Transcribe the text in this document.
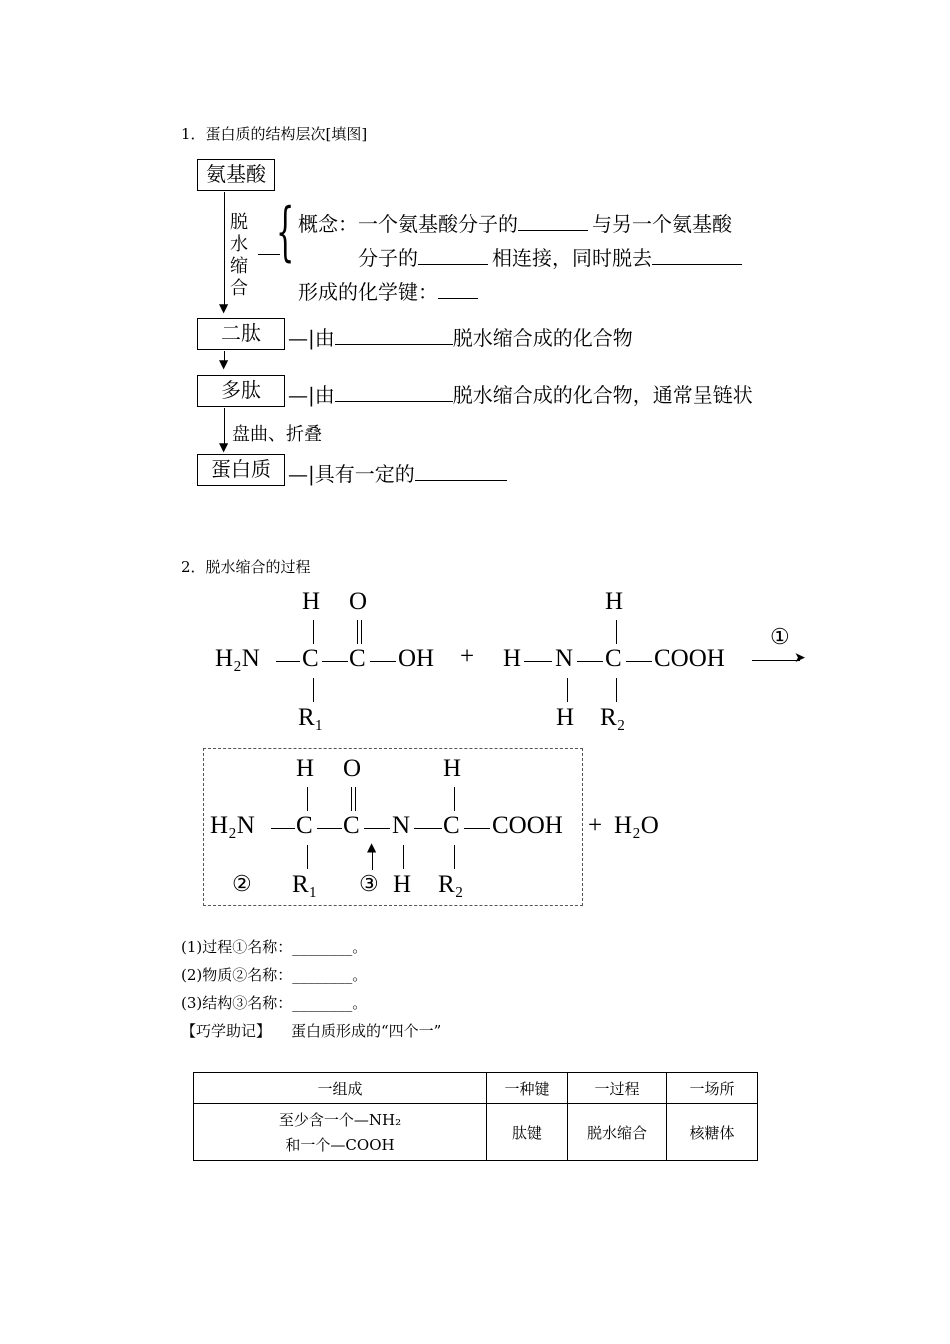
1．蛋白质的结构层次[填图]
氨基酸
▼
脱
水
缩
合
{ 概念：一个氨基酸分子的	与另一个氨基酸
分子的	相连接，同时脱去
形成的化学键：
二肽	—|由	脱水缩合成的化合物
▼
多肽	—|由	脱水缩合成的化合物，通常呈链状
▼
盘曲、折叠
蛋白质 —|具有一定的
2．脱水缩合的过程
H O
H₂N C C OH
R₁
+
H
H N C COOH
H R₂
①
➤
H O	H
H₂N C C N C COOH
▲
② R₁ ③ H R₂
+ H₂O
(1)过程①名称：________。
(2)物质②名称：________。
(3)结构③名称：________。
【巧学助记】 蛋白质形成的“四个一”
一组成	一种键	一过程	一场所

至少含一个—NH₂
和一个—COOH	肽键	脱水缩合	核糖体
